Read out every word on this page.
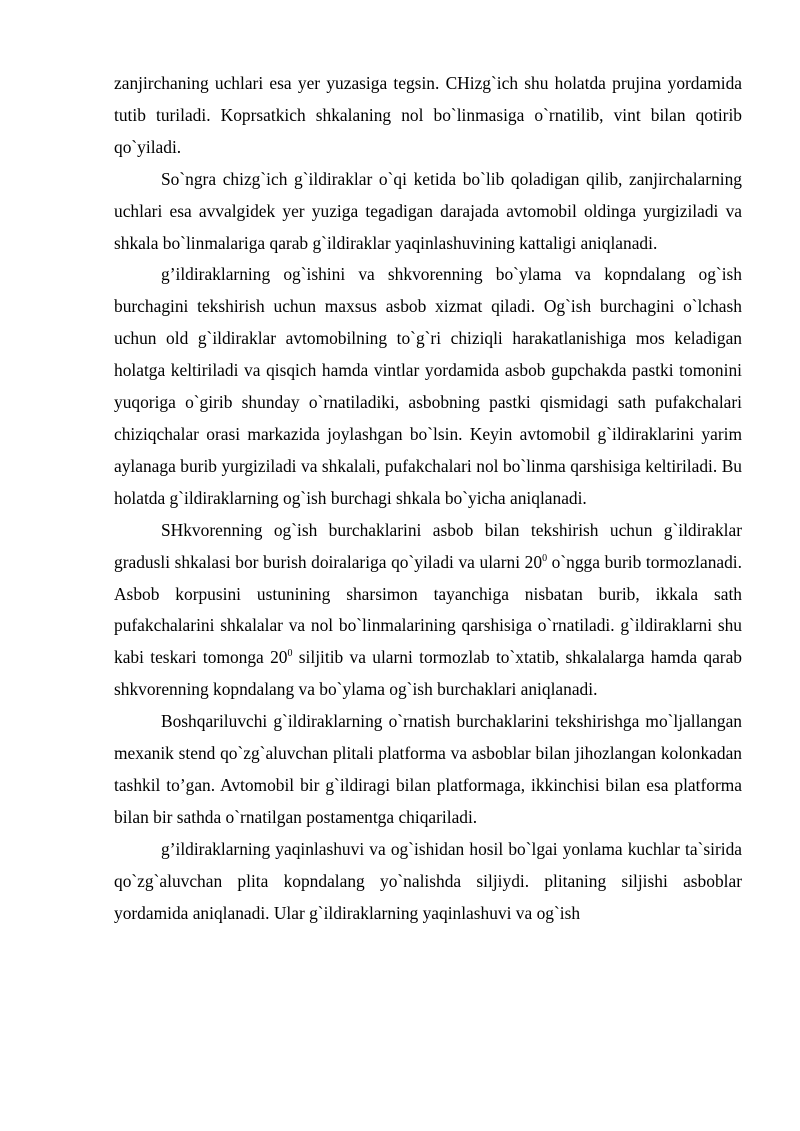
zanjirchaning uchlari esa yer yuzasiga tegsin. CHizg`ich shu holatda prujina yordamida tutib turiladi. Koprsatkich shkalaning nol bo`linmasiga o`rnatilib, vint bilan qotirib qo`yiladi.

So`ngra chizg`ich g`ildiraklar o`qi ketida bo`lib qoladigan qilib, zanjirchalarning uchlari esa avvalgidek yer yuziga tegadigan darajada avtomobil oldinga yurgiziladi va shkala bo`linmalariga qarab g`ildiraklar yaqinlashuvining kattaligi aniqlanadi.

g’ildiraklarning og`ishini va shkvorenning bo`ylama va kopndalang og`ish burchagini tekshirish uchun maxsus asbob xizmat qiladi. Og`ish burchagini o`lchash uchun old g`ildiraklar avtomobilning to`g`ri chiziqli harakatlanishiga mos keladigan holatga keltiriladi va qisqich hamda vintlar yordamida asbob gupchakda pastki tomonini yuqoriga o`girib shunday o`rnatiladiki, asbobning pastki qismidagi sath pufakchalari chiziqchalar orasi markazida joylashgan bo`lsin. Keyin avtomobil g`ildiraklarini yarim aylanaga burib yurgiziladi va shkalali, pufakchalari nol bo`linma qarshisiga keltiriladi. Bu holatda g`ildiraklarning og`ish burchagi shkala bo`yicha aniqlanadi.

SHkvorenning og`ish burchaklarini asbob bilan tekshirish uchun g`ildiraklar gradusli shkalasi bor burish doiralariga qo`yiladi va ularni $20^0$ o`ngga burib tormozlanadi. Asbob korpusini ustunining sharsimon tayanchiga nisbatan burib, ikkala sath pufakchalarini shkalalar va nol bo`linmalarining qarshisiga o`rnatiladi. g`ildiraklarni shu kabi teskari tomonga $20^0$ siljitib va ularni tormozlab to`xtatib, shkalalarga hamda qarab shkvorenning kopndalang va bo`ylama og`ish burchaklari aniqlanadi.

Boshqariluvchi g`ildiraklarning o`rnatish burchaklarini tekshirishga mo`ljallangan mexanik stend qo`zg`aluvchan plitali platforma va asboblar bilan jihozlangan kolonkadan tashkil to’gan. Avtomobil bir g`ildiragi bilan platformaga, ikkinchisi bilan esa platforma bilan bir sathda o`rnatilgan postamentga chiqariladi.

g’ildiraklarning yaqinlashuvi va og`ishidan hosil bo`lgai yonlama kuchlar ta`sirida qo`zg`aluvchan plita kopndalang yo`nalishda siljiydi. plitaning siljishi asboblar yordamida aniqlanadi. Ular g`ildiraklarning yaqinlashuvi va og`ish
